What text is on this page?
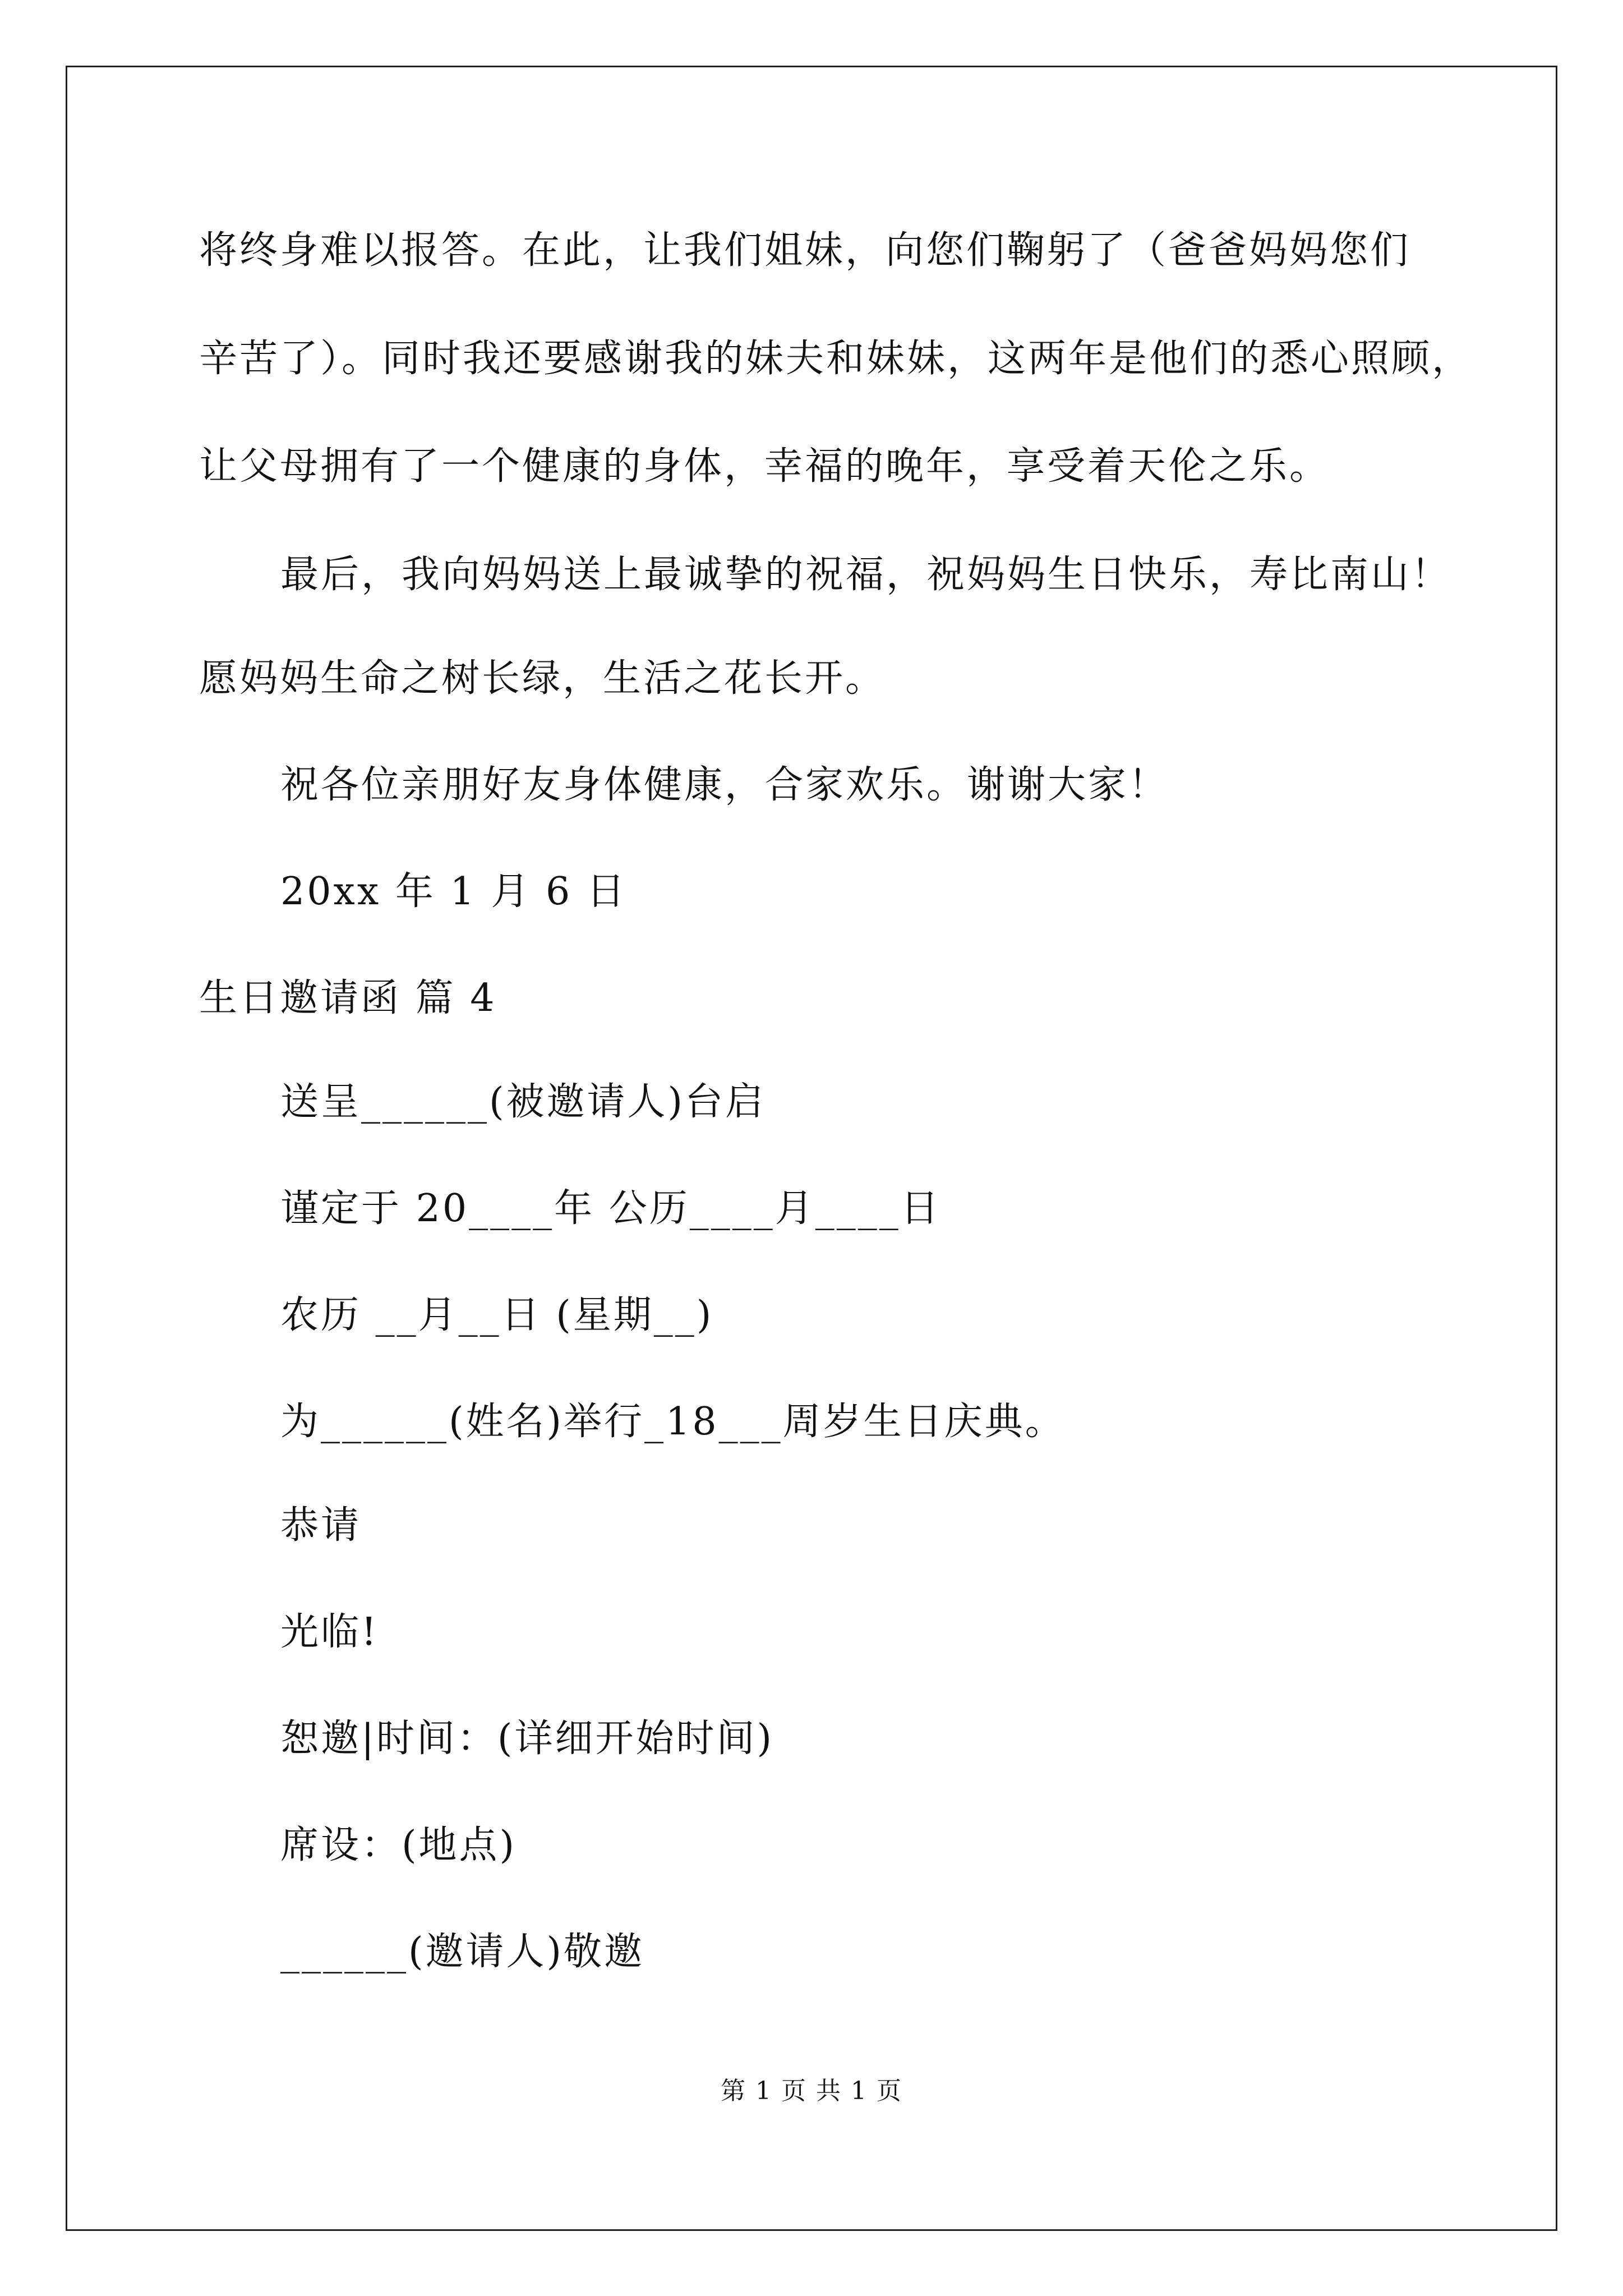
将终身难以报答。在此，让我们姐妹，向您们鞠躬了（爸爸妈妈您们
辛苦了）。同时我还要感谢我的妹夫和妹妹，这两年是他们的悉心照顾，
让父母拥有了一个健康的身体，幸福的晚年，享受着天伦之乐。
最后，我向妈妈送上最诚挚的祝福，祝妈妈生日快乐，寿比南山！
愿妈妈生命之树长绿，生活之花长开。
祝各位亲朋好友身体健康，合家欢乐。谢谢大家！
20xx 年 1 月 6 日
生日邀请函 篇 4
送呈______(被邀请人)台启
谨定于 20____年 公历____月____日
农历 __月__日 (星期__)
为______(姓名)举行_18___周岁生日庆典。
恭请
光临!
恕邀|时间：(详细开始时间)
席设：(地点)
______(邀请人)敬邀
第 1 页 共 1 页
